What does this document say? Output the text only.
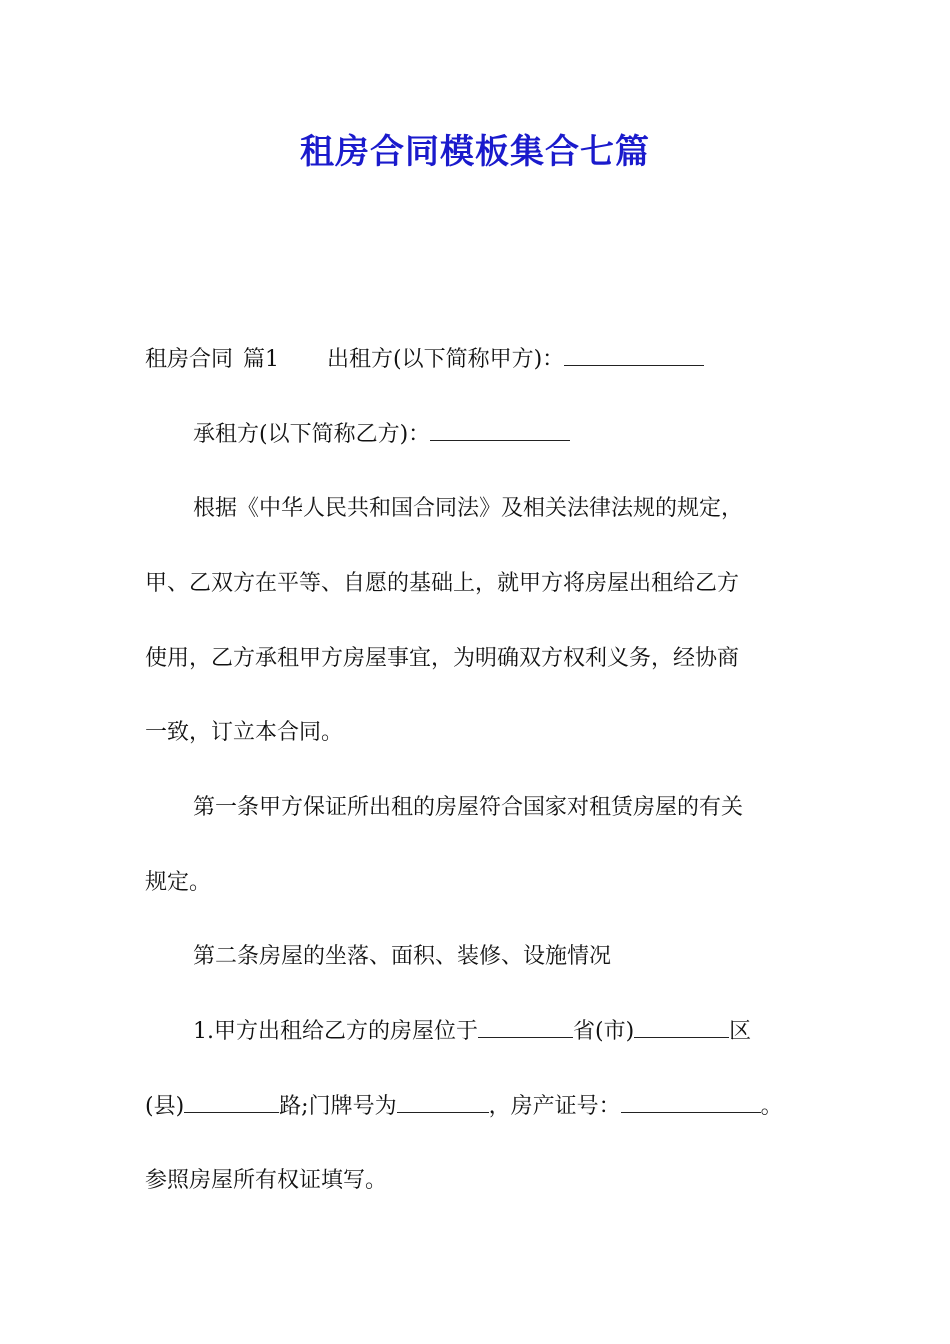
租房合同模板集合七篇
租房合同 篇1 出租方(以下简称甲方)：
承租方(以下简称乙方)：
根据《中华人民共和国合同法》及相关法律法规的规定，
甲、乙双方在平等、自愿的基础上，就甲方将房屋出租给乙方
使用，乙方承租甲方房屋事宜，为明确双方权利义务，经协商
一致，订立本合同。
第一条甲方保证所出租的房屋符合国家对租赁房屋的有关
规定。
第二条房屋的坐落、面积、装修、设施情况
1.甲方出租给乙方的房屋位于	省(市)	区
(县)	路;门牌号为	，房产证号：	。
参照房屋所有权证填写。
